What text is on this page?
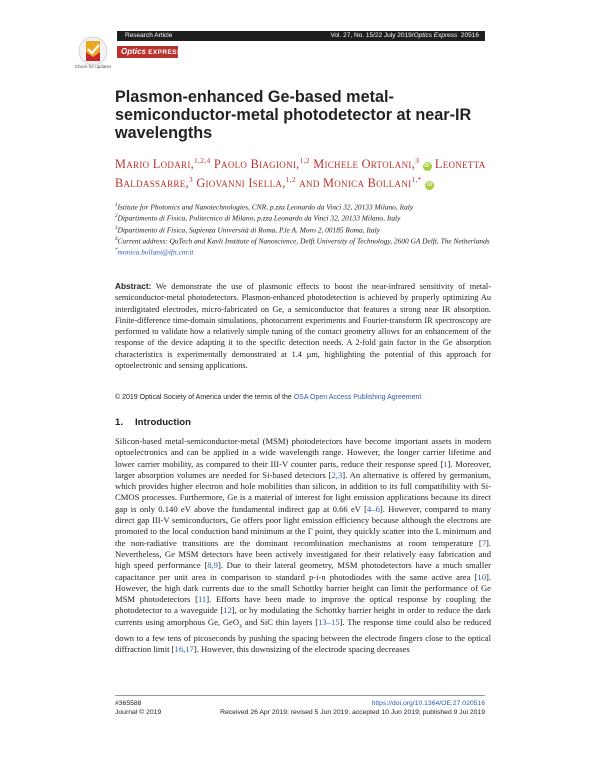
Check for updates
Research Article	Vol. 27, No. 15/22 July 2019/Optics Express 20516
Optics EXPRESS
Plasmon-enhanced Ge-based metal-semiconductor-metal photodetector at near-IR wavelengths
Mario Lodari,$^{1,2,4}$ Paolo Biagioni,$^{1,2}$ Michele Ortolani,$^3$ iD Leonetta Baldassarre,$^3$ Giovanni Isella,$^{1,2}$ and Monica Bollani$^{1,*}$ iD
$^1$Istitute for Photonics and Nanotechnologies, CNR, p.zza Leonardo da Vinci 32, 20133 Milano, Italy
$^2$Dipartimento di Fisica, Politecnico di Milano, p.zza Leonardo da Vinci 32, 20133 Milano, Italy
$^3$Dipartimento di Fisica, Sapienza Università di Roma, P.le A. Moro 2, 00185 Roma, Italy
$^4$Current address: QuTech and Kavli Institute of Nanoscience, Delft University of Technology, 2600 GA Delft, The Netherlands
*monica.bollani@ifn.cnr.it

Abstract: We demonstrate the use of plasmonic effects to boost the near-infrared sensitivity of metal-semiconductor-metal photodetectors. Plasmon-enhanced photodetection is achieved by properly optimizing Au interdigitated electrodes, micro-fabricated on Ge, a semiconductor that features a strong near IR absorption. Finite-difference time-domain simulations, photocurrent experiments and Fourier-transform IR spectroscopy are performed to validate how a relatively simple tuning of the contact geometry allows for an enhancement of the response of the device adapting it to the specific detection needs. A 2-fold gain factor in the Ge absorption characteristics is experimentally demonstrated at 1.4 µm, highlighting the potential of this approach for optoelectronic and sensing applications.

© 2019 Optical Society of America under the terms of the OSA Open Access Publishing Agreement
1. Introduction

Silicon-based metal-semiconductor-metal (MSM) photodetectors have become important assets in modern optoelectronics and can be applied in a wide wavelength range. However, the longer carrier lifetime and lower carrier mobility, as compared to their III-V counter parts, reduce their response speed [1]. Moreover, larger absorption volumes are needed for Si-based detectors [2,3]. An alternative is offered by germanium, which provides higher electron and hole mobilities than silicon, in addition to its full compatibility with Si-CMOS processes. Furthermore, Ge is a material of interest for light emission applications because its direct gap is only 0.140 eV above the fundamental indirect gap at 0.66 eV [4–6]. However, compared to many direct gap III-V semiconductors, Ge offers poor light emission efficiency because although the electrons are promoted to the local conduction band minimum at the Γ point, they quickly scatter into the L minimum and the non-radiative transitions are the dominant recombination mechanisms at room temperature [7]. Nevertheless, Ge MSM detectors have been actively investigated for their relatively easy fabrication and high speed performance [8,9]. Due to their lateral geometry, MSM photodetectors have a much smaller capacitance per unit area in comparison to standard p-i-n photodiodes with the same active area [10]. However, the high dark currents due to the small Schottky barrier height can limit the performance of Ge MSM photodetectors [11]. Efforts have been made to improve the optical response by coupling the photodetector to a waveguide [12], or by modulating the Schottky barrier height in order to reduce the dark currents using amorphous Ge, GeO$_x$ and SiC thin layers [13–15]. The response time could also be reduced down to a few tens of picoseconds by pushing the spacing between the electrode fingers close to the optical diffraction limit [16,17]. However, this downsizing of the electrode spacing decreases

#365588
Journal © 2019
https://doi.org/10.1364/OE.27.020516
Received 26 Apr 2019; revised 5 Jun 2019; accepted 10 Jun 2019; published 9 Jul 2019
